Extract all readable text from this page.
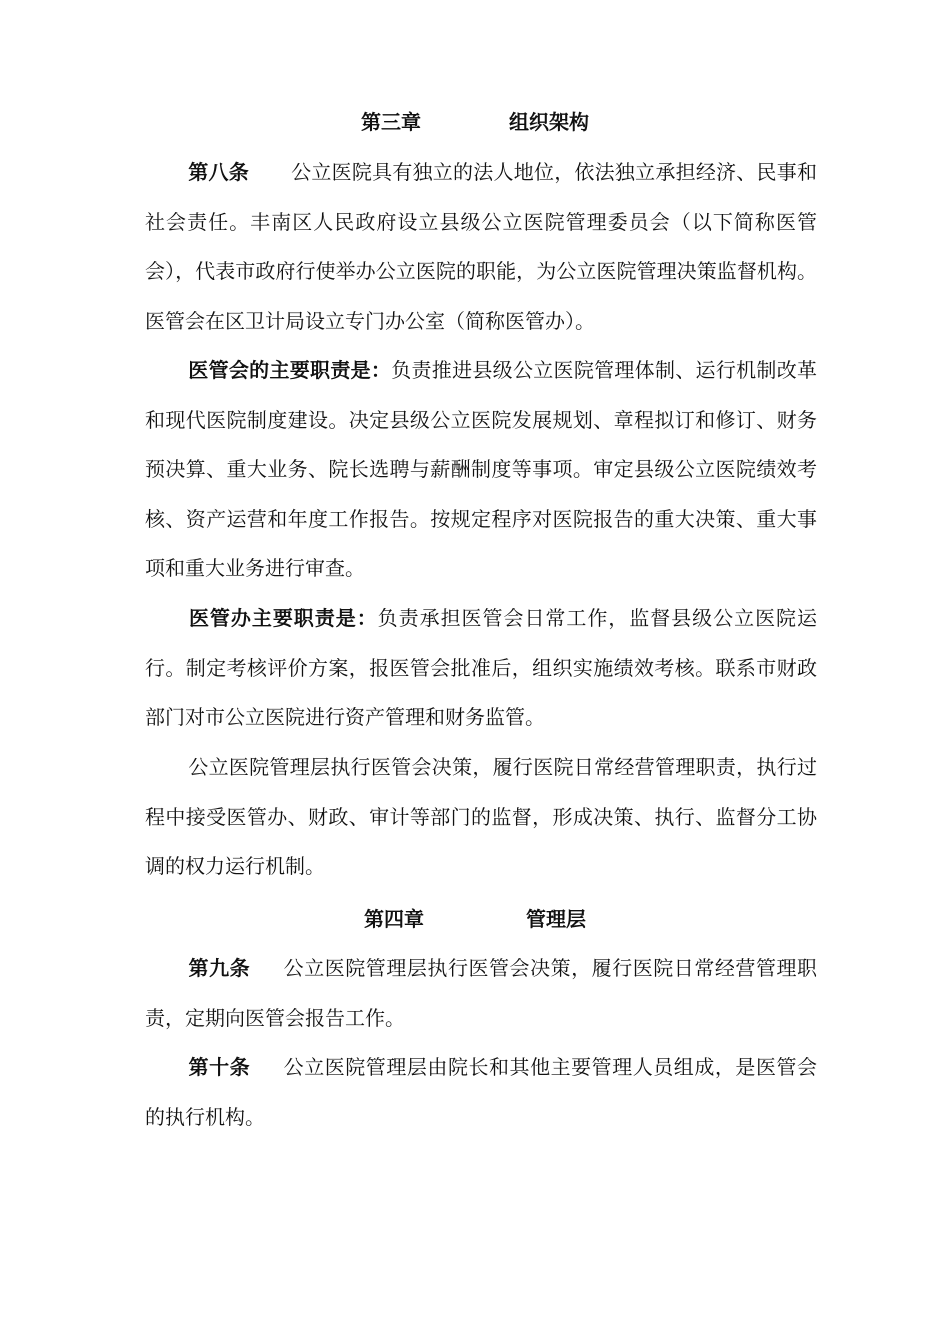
第三章	组织架构
第八条 公立医院具有独立的法人地位，依法独立承担经济、民事和社会责任。丰南区人民政府设立县级公立医院管理委员会（以下简称医管会），代表市政府行使举办公立医院的职能，为公立医院管理决策监督机构。医管会在区卫计局设立专门办公室（简称医管办）。
医管会的主要职责是：负责推进县级公立医院管理体制、运行机制改革和现代医院制度建设。决定县级公立医院发展规划、章程拟订和修订、财务预决算、重大业务、院长选聘与薪酬制度等事项。审定县级公立医院绩效考核、资产运营和年度工作报告。按规定程序对医院报告的重大决策、重大事项和重大业务进行审查。
医管办主要职责是：负责承担医管会日常工作，监督县级公立医院运行。制定考核评价方案，报医管会批准后，组织实施绩效考核。联系市财政部门对市公立医院进行资产管理和财务监管。
公立医院管理层执行医管会决策，履行医院日常经营管理职责，执行过程中接受医管办、财政、审计等部门的监督，形成决策、执行、监督分工协调的权力运行机制。
第四章	管理层
第九条 公立医院管理层执行医管会决策，履行医院日常经营管理职责，定期向医管会报告工作。
第十条 公立医院管理层由院长和其他主要管理人员组成，是医管会的执行机构。
